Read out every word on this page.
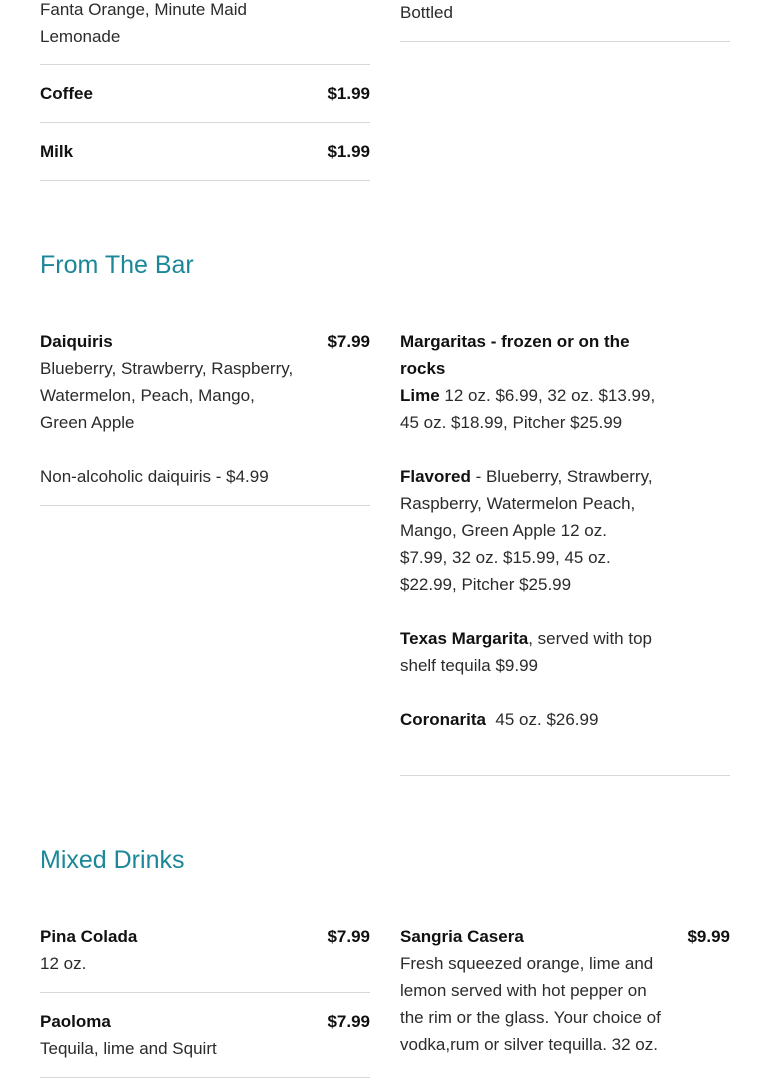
Fanta Orange, Minute Maid
Lemonade
Bottled
Coffee	$1.99
Milk	$1.99
From The Bar
Daiquiris	$7.99
Blueberry, Strawberry, Raspberry, Watermelon, Peach, Mango, Green Apple
Non-alcoholic daiquiris - $4.99
Margaritas - frozen or on the rocks
Lime 12 oz. $6.99, 32 oz. $13.99, 45 oz. $18.99, Pitcher $25.99
Flavored - Blueberry, Strawberry, Raspberry, Watermelon Peach, Mango, Green Apple 12 oz. $7.99, 32 oz. $15.99, 45 oz. $22.99, Pitcher $25.99
Texas Margarita, served with top shelf tequila $9.99
Coronarita  45 oz. $26.99
Mixed Drinks
Pina Colada	$7.99
12 oz.
Paoloma	$7.99
Tequila, lime and Squirt
Sangria Casera	$9.99
Fresh squeezed orange, lime and lemon served with hot pepper on the rim or the glass. Your choice of vodka,rum or silver tequilla. 32 oz.
